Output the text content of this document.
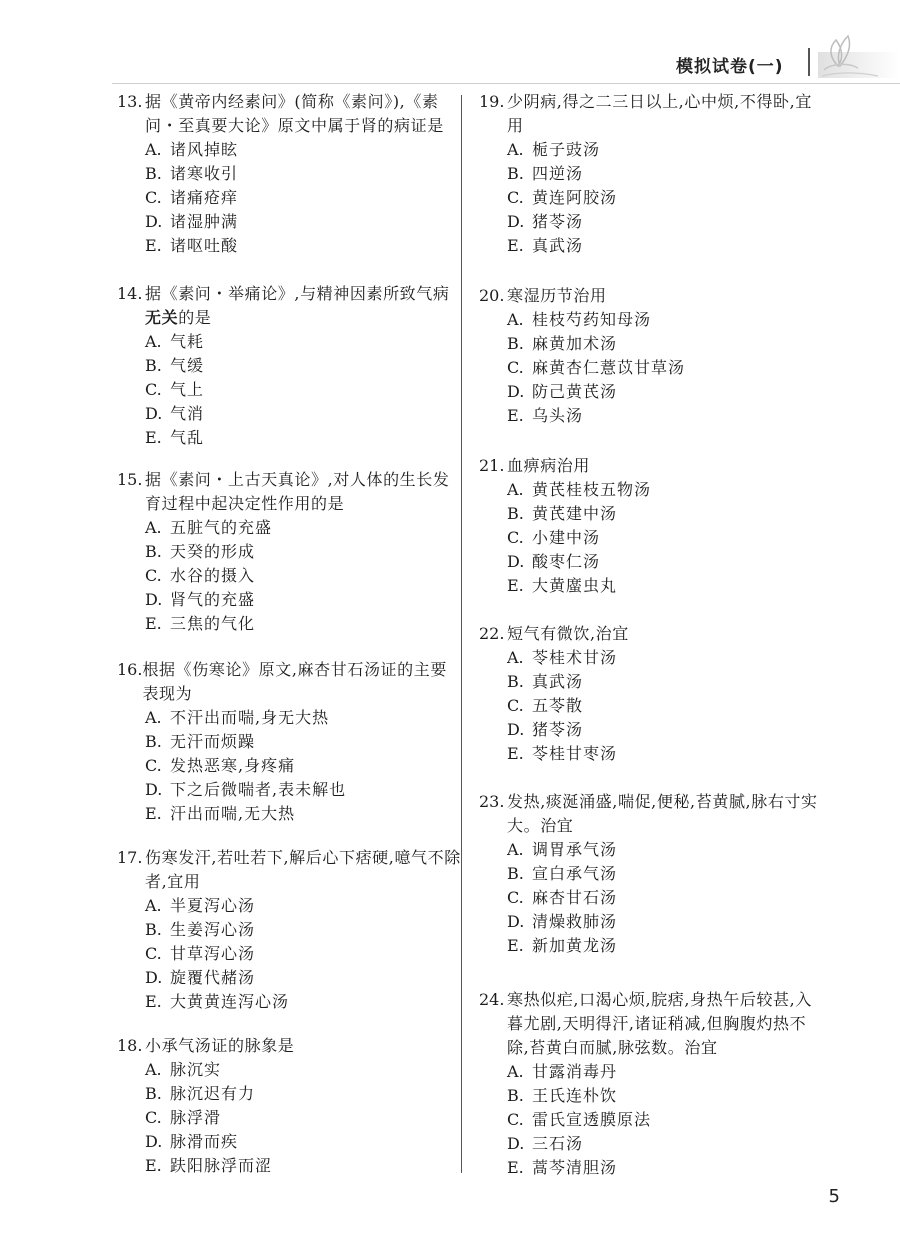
模拟试卷(一)
13. 据《黄帝内经素问》(简称《素问》),《素问・至真要大论》原文中属于肾的病证是
A. 诸风掉眩
B. 诸寒收引
C. 诸痛疮痒
D. 诸湿肿满
E. 诸呕吐酸
14. 据《素问・举痛论》,与精神因素所致气病无关的是
A. 气耗
B. 气缓
C. 气上
D. 气消
E. 气乱
15. 据《素问・上古天真论》,对人体的生长发育过程中起决定性作用的是
A. 五脏气的充盛
B. 天癸的形成
C. 水谷的摄入
D. 肾气的充盛
E. 三焦的气化
16. 根据《伤寒论》原文,麻杏甘石汤证的主要表现为
A. 不汗出而喘,身无大热
B. 无汗而烦躁
C. 发热恶寒,身疼痛
D. 下之后微喘者,表未解也
E. 汗出而喘,无大热
17. 伤寒发汗,若吐若下,解后心下痞硬,噫气不除者,宜用
A. 半夏泻心汤
B. 生姜泻心汤
C. 甘草泻心汤
D. 旋覆代赭汤
E. 大黄黄连泻心汤
18. 小承气汤证的脉象是
A. 脉沉实
B. 脉沉迟有力
C. 脉浮滑
D. 脉滑而疾
E. 趺阳脉浮而涩
19. 少阴病,得之二三日以上,心中烦,不得卧,宜用
A. 栀子豉汤
B. 四逆汤
C. 黄连阿胶汤
D. 猪苓汤
E. 真武汤
20. 寒湿历节治用
A. 桂枝芍药知母汤
B. 麻黄加术汤
C. 麻黄杏仁薏苡甘草汤
D. 防己黄芪汤
E. 乌头汤
21. 血痹病治用
A. 黄芪桂枝五物汤
B. 黄芪建中汤
C. 小建中汤
D. 酸枣仁汤
E. 大黄䗪虫丸
22. 短气有微饮,治宜
A. 苓桂术甘汤
B. 真武汤
C. 五苓散
D. 猪苓汤
E. 苓桂甘枣汤
23. 发热,痰涎涌盛,喘促,便秘,苔黄腻,脉右寸实大。治宜
A. 调胃承气汤
B. 宣白承气汤
C. 麻杏甘石汤
D. 清燥救肺汤
E. 新加黄龙汤
24. 寒热似疟,口渴心烦,脘痞,身热午后较甚,入暮尤剧,天明得汗,诸证稍减,但胸腹灼热不除,苔黄白而腻,脉弦数。治宜
A. 甘露消毒丹
B. 王氏连朴饮
C. 雷氏宣透膜原法
D. 三石汤
E. 蒿芩清胆汤
5
